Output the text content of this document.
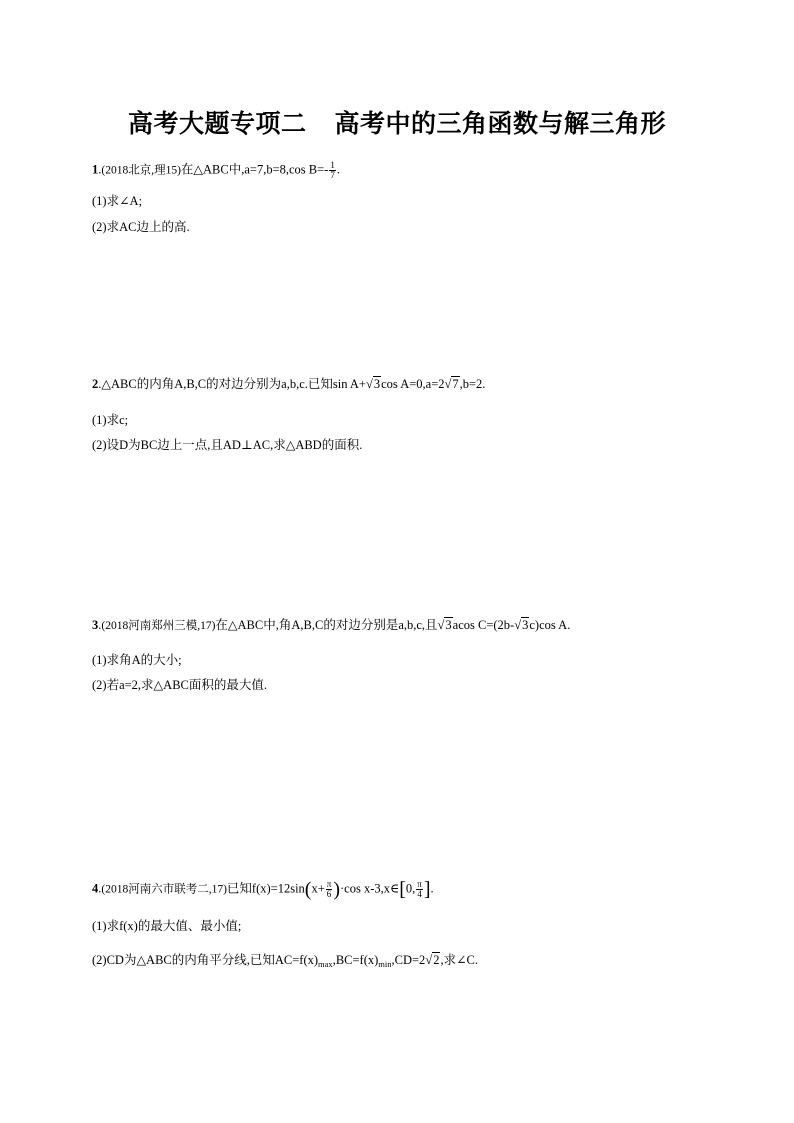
高考大题专项二 高考中的三角函数与解三角形
1.(2018北京,理15)在△ABC中,a=7,b=8,cos $B=- \frac{1}{7}$ .
(1)求∠A;
(2)求AC边上的高.
2.△ABC的内角A,B,C的对边分别为a,b,c.已知sin A+√3cos A=0,a=2√7,b=2.
(1)求c;
(2)设D为BC边上一点,且AD⊥AC,求△ABD的面积.
3.(2018河南郑州三模,17)在△ABC中,角A,B,C的对边分别是a,b,c,且√3acos C=(2b-√3c)cos A.
(1)求角A的大小;
(2)若a=2,求△ABC面积的最大值.
4.(2018河南六市联考二,17)已知$f(x)=12\sin(x+ \frac{\pi}{6} )\cdot\cos$ x-3,x∈[0, $\frac{\pi}{4}$ ].
(1)求f(x)的最大值、最小值;
(2)CD为△ABC的内角平分线,已知$AC=f(x)_{max},BC=f(x)_{min},CD=2√2$,求∠C.
